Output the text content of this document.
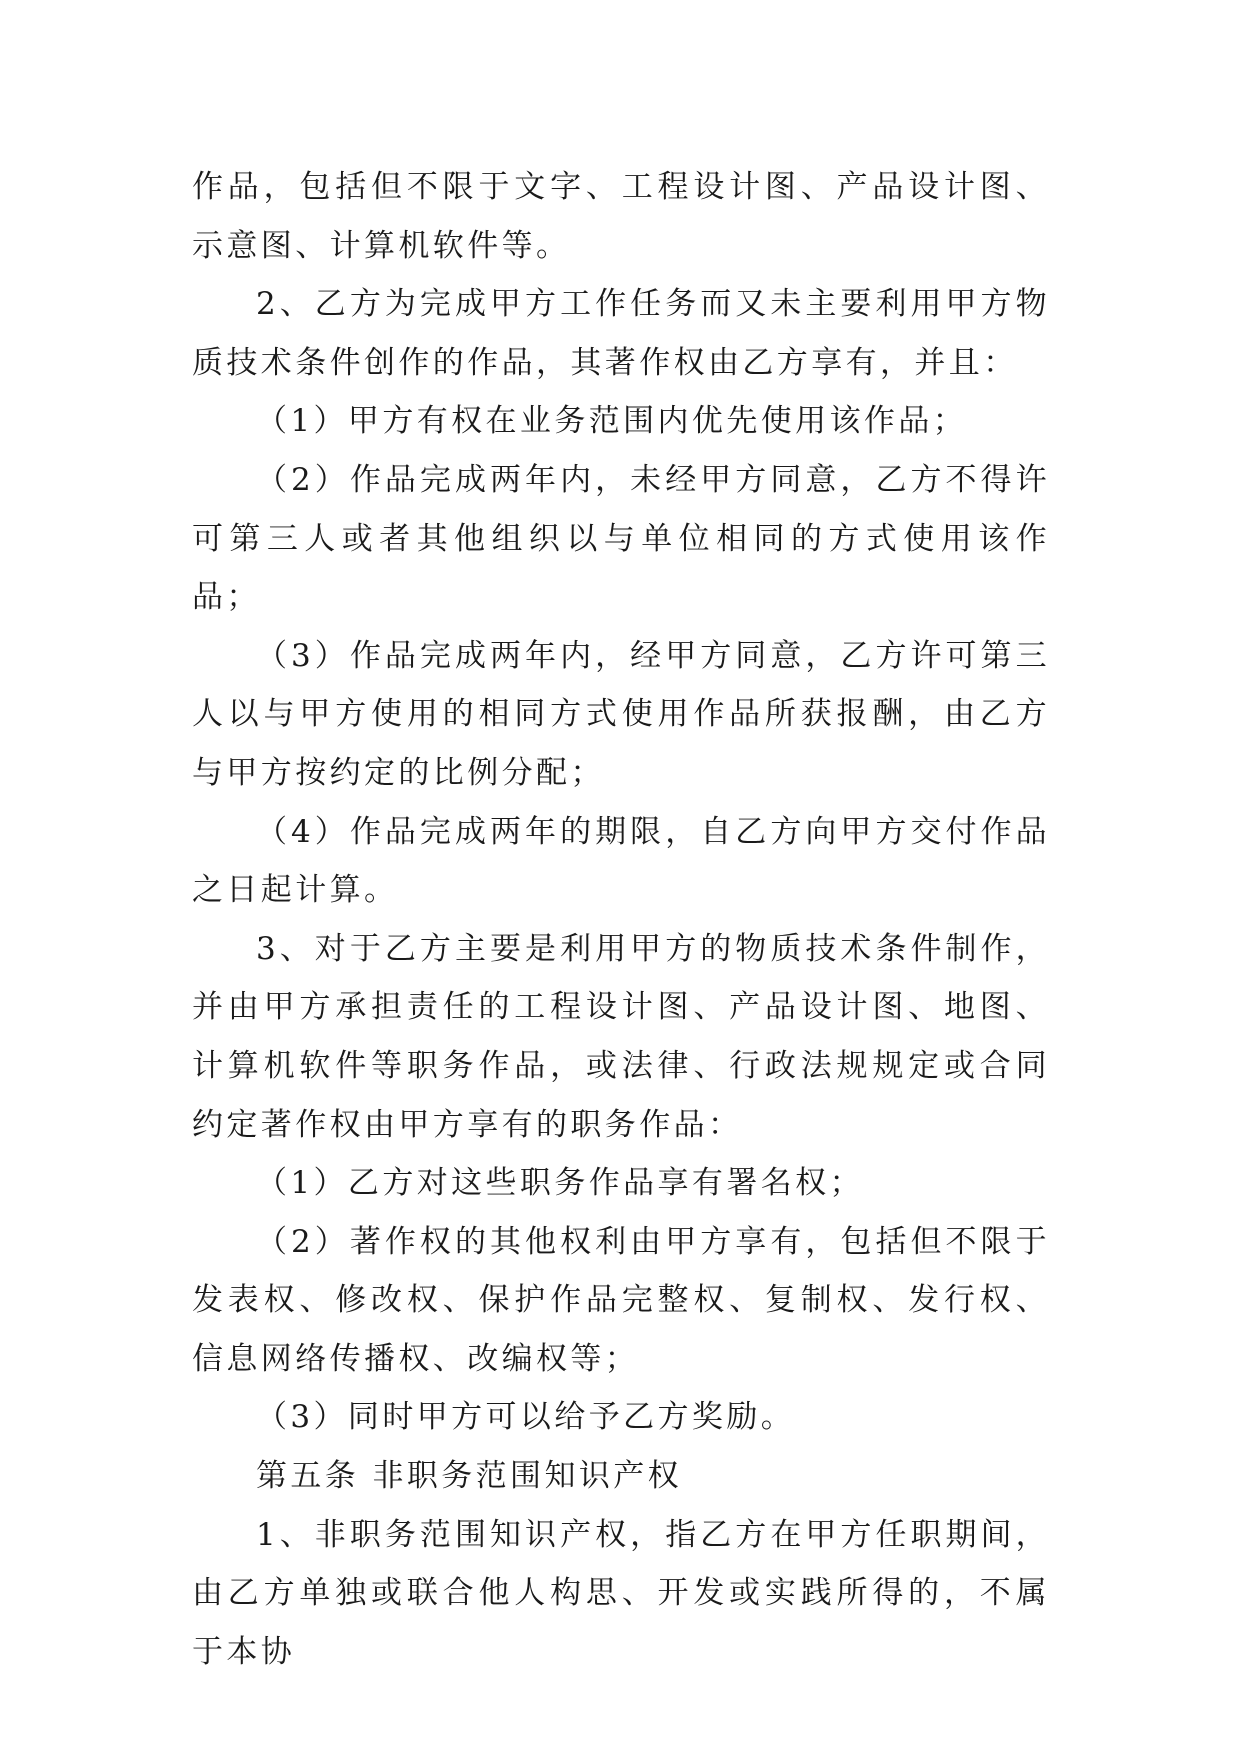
作品，包括但不限于文字、工程设计图、产品设计图、示意图、计算机软件等。

2、乙方为完成甲方工作任务而又未主要利用甲方物质技术条件创作的作品，其著作权由乙方享有，并且：

（1）甲方有权在业务范围内优先使用该作品；

（2）作品完成两年内，未经甲方同意，乙方不得许可第三人或者其他组织以与单位相同的方式使用该作品；

（3）作品完成两年内，经甲方同意，乙方许可第三人以与甲方使用的相同方式使用作品所获报酬，由乙方与甲方按约定的比例分配；

（4）作品完成两年的期限，自乙方向甲方交付作品之日起计算。

3、对于乙方主要是利用甲方的物质技术条件制作，并由甲方承担责任的工程设计图、产品设计图、地图、计算机软件等职务作品，或法律、行政法规规定或合同约定著作权由甲方享有的职务作品：

（1）乙方对这些职务作品享有署名权；

（2）著作权的其他权利由甲方享有，包括但不限于发表权、修改权、保护作品完整权、复制权、发行权、信息网络传播权、改编权等；

（3）同时甲方可以给予乙方奖励。

第五条 非职务范围知识产权

1、非职务范围知识产权，指乙方在甲方任职期间，由乙方单独或联合他人构思、开发或实践所得的，不属于本协
